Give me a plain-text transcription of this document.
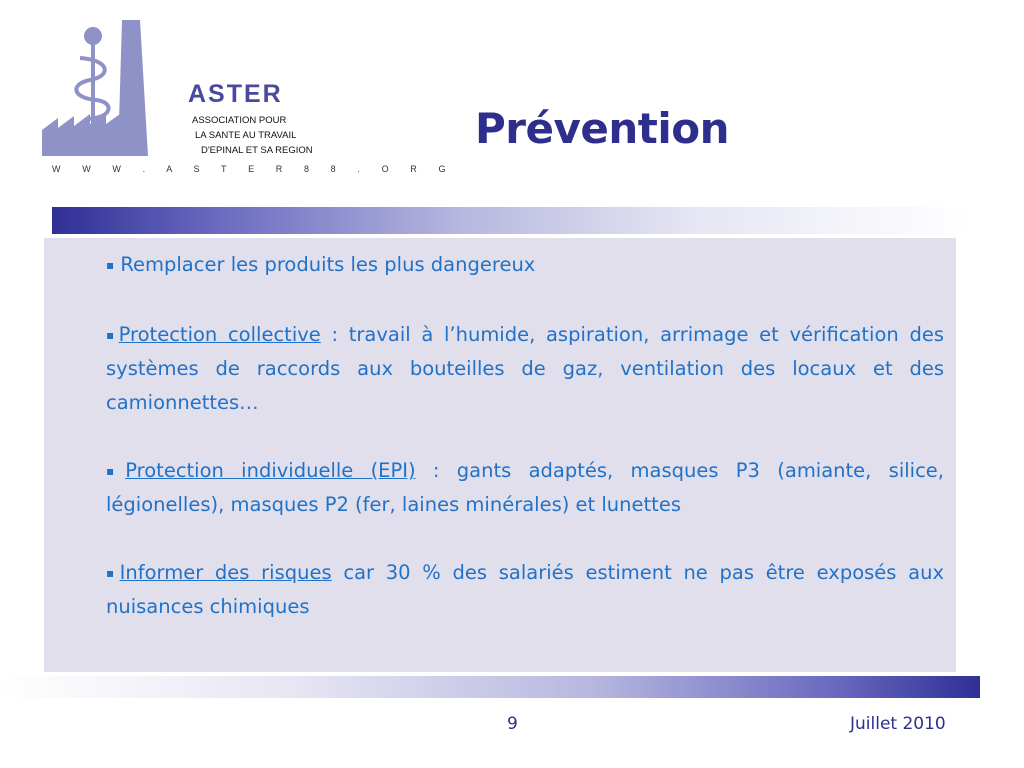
ASTER
ASSOCIATION POUR
LA SANTE AU TRAVAIL
D'EPINAL ET SA REGION
W W W . A S T E R 8 8 . O R G
Prévention

▪ Remplacer les produits les plus dangereux

▪Protection collective : travail à l’humide, aspiration, arrimage et vérification des systèmes de raccords aux bouteilles de gaz, ventilation des locaux et des camionnettes…

▪Protection individuelle (EPI) : gants adaptés, masques P3 (amiante, silice, légionelles), masques P2 (fer, laines minérales) et lunettes

▪Informer des risques car 30 % des salariés estiment ne pas être exposés aux nuisances chimiques

9	Juillet 2010
